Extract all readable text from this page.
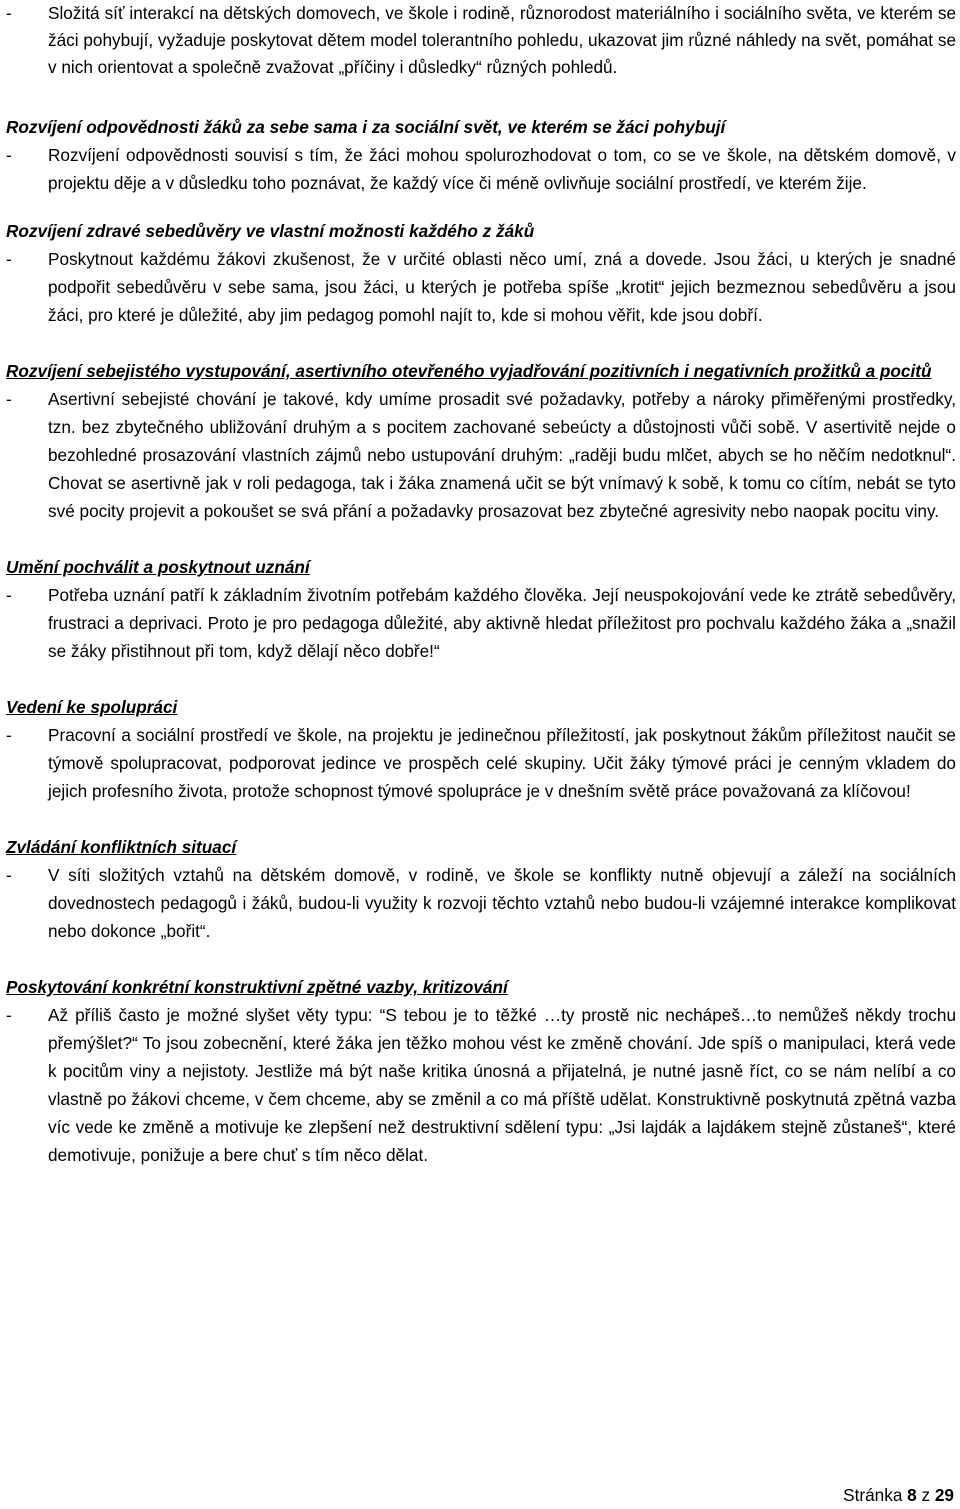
- Složitá síť interakcí na dětských domovech, ve škole i rodině, různorodost materiálního i sociálního světa, ve kterém se žáci pohybují, vyžaduje poskytovat dětem model tolerantního pohledu, ukazovat jim různé náhledy na svět, pomáhat se v nich orientovat a společně zvažovat „příčiny i důsledky“ různých pohledů.
Rozvíjení odpovědnosti žáků za sebe sama i za sociální svět, ve kterém se žáci pohybují
- Rozvíjení odpovědnosti souvisí s tím, že žáci mohou spolurozhodovat o tom, co se ve škole, na dětském domově, v projektu děje a v důsledku toho poznávat, že každý více či méně ovlivňuje sociální prostředí, ve kterém žije.
Rozvíjení zdravé sebedůvěry ve vlastní možnosti každého z žáků
- Poskytnout každému žákovi zkušenost, že v určité oblasti něco umí, zná a dovede. Jsou žáci, u kterých je snadné podpořit sebedůvěru v sebe sama, jsou žáci, u kterých je potřeba spíše „krotit“ jejich bezmeznou sebedůvěru a jsou žáci, pro které je důležité, aby jim pedagog pomohl najít to, kde si mohou věřit, kde jsou dobří.
Rozvíjení sebejistého vystupování, asertivního otevřeného vyjadřování pozitivních i negativních prožitků a pocitů
- Asertivní sebejisté chování je takové, kdy umíme prosadit své požadavky, potřeby a nároky přiměřenými prostředky, tzn. bez zbytečného ubližování druhým a s pocitem zachované sebeúcty a důstojnosti vůči sobě. V asertivitě nejde o bezohledné prosazování vlastních zájmů nebo ustupování druhým: „raději budu mlčet, abych se ho něčím nedotknul“. Chovat se asertivně jak v roli pedagoga, tak i žáka znamená učit se být vnímavý k sobě, k tomu co cítím, nebát se tyto své pocity projevit a pokoušet se svá přání a požadavky prosazovat bez zbytečné agresivity nebo naopak pocitu viny.
Umění pochválit a poskytnout uznání
- Potřeba uznání patří k základním životním potřebám každého člověka. Její neuspokojování vede ke ztrátě sebedůvěry, frustraci a deprivaci. Proto je pro pedagoga důležité, aby aktivně hledat příležitost pro pochvalu každého žáka a „snažil se žáky přistihnout při tom, když dělají něco dobře!“
Vedení ke spolupráci
- Pracovní a sociální prostředí ve škole, na projektu je jedinečnou příležitostí, jak poskytnout žákům příležitost naučit se týmově spolupracovat, podporovat jedince ve prospěch celé skupiny. Učit žáky týmové práci je cenným vkladem do jejich profesního života, protože schopnost týmové spolupráce je v dnešním světě práce považovaná za klíčovou!
Zvládání konfliktních situací
- V síti složitých vztahů na dětském domově, v rodině, ve škole se konflikty nutně objevují a záleží na sociálních dovednostech pedagogů i žáků, budou-li využity k rozvoji těchto vztahů nebo budou-li vzájemné interakce komplikovat nebo dokonce „bořit“.
Poskytování konkrétní konstruktivní zpětné vazby, kritizování
- Až příliš často je možné slyšet věty typu: “S tebou je to těžké …ty prostě nic nechápeš…to nemůžeš někdy trochu přemýšlet?“ To jsou zobecnění, které žáka jen těžko mohou vést ke změně chování. Jde spíš o manipulaci, která vede k pocitům viny a nejistoty. Jestliže má být naše kritika únosná a přijatelná, je nutné jasně říct, co se nám nelíbí a co vlastně po žákovi chceme, v čem chceme, aby se změnil a co má příště udělat. Konstruktivně poskytnutá zpětná vazba víc vede ke změně a motivuje ke zlepšení než destruktivní sdělení typu: „Jsi lajdák a lajdákem stejně zůstaneš“, které demotivuje, ponižuje a bere chuť s tím něco dělat.
Stránka 8 z 29
